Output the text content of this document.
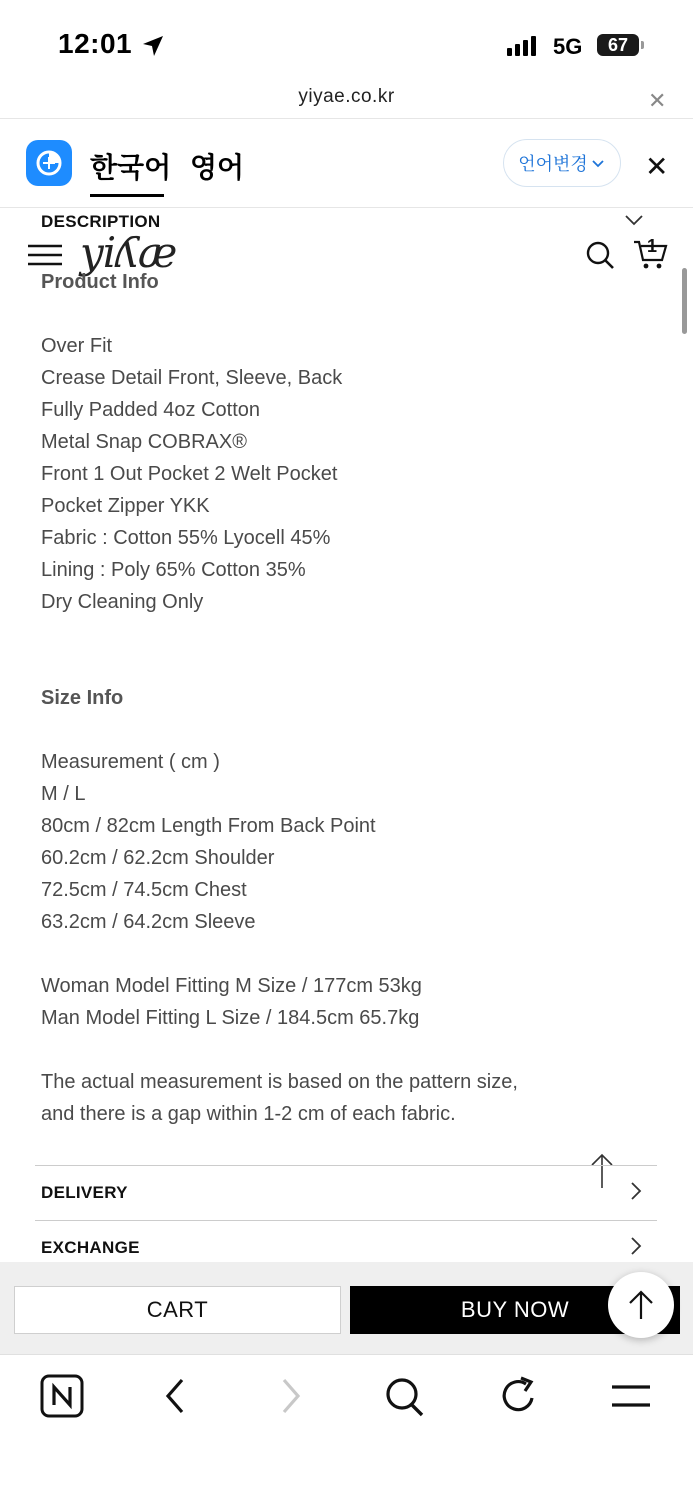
12:01	5G	67
yiyae.co.kr	✕
한국어 영어	언어변경 ✕
DESCRIPTION
yiʎæ	1
Product Info
Over Fit
Crease Detail Front, Sleeve, Back
Fully Padded 4oz Cotton
Metal Snap COBRAX®
Front 1 Out Pocket 2 Welt Pocket
Pocket Zipper YKK
Fabric : Cotton 55% Lyocell 45%
Lining : Poly 65% Cotton 35%
Dry Cleaning Only
Size Info
Measurement ( cm )
M / L
80cm / 82cm Length From Back Point
60.2cm / 62.2cm Shoulder
72.5cm / 74.5cm Chest
63.2cm / 64.2cm Sleeve
Woman Model Fitting M Size / 177cm 53kg
Man Model Fitting L Size / 184.5cm 65.7kg
The actual measurement is based on the pattern size,
and there is a gap within 1-2 cm of each fabric.
DELIVERY
EXCHANGE
CART	BUY NOW
